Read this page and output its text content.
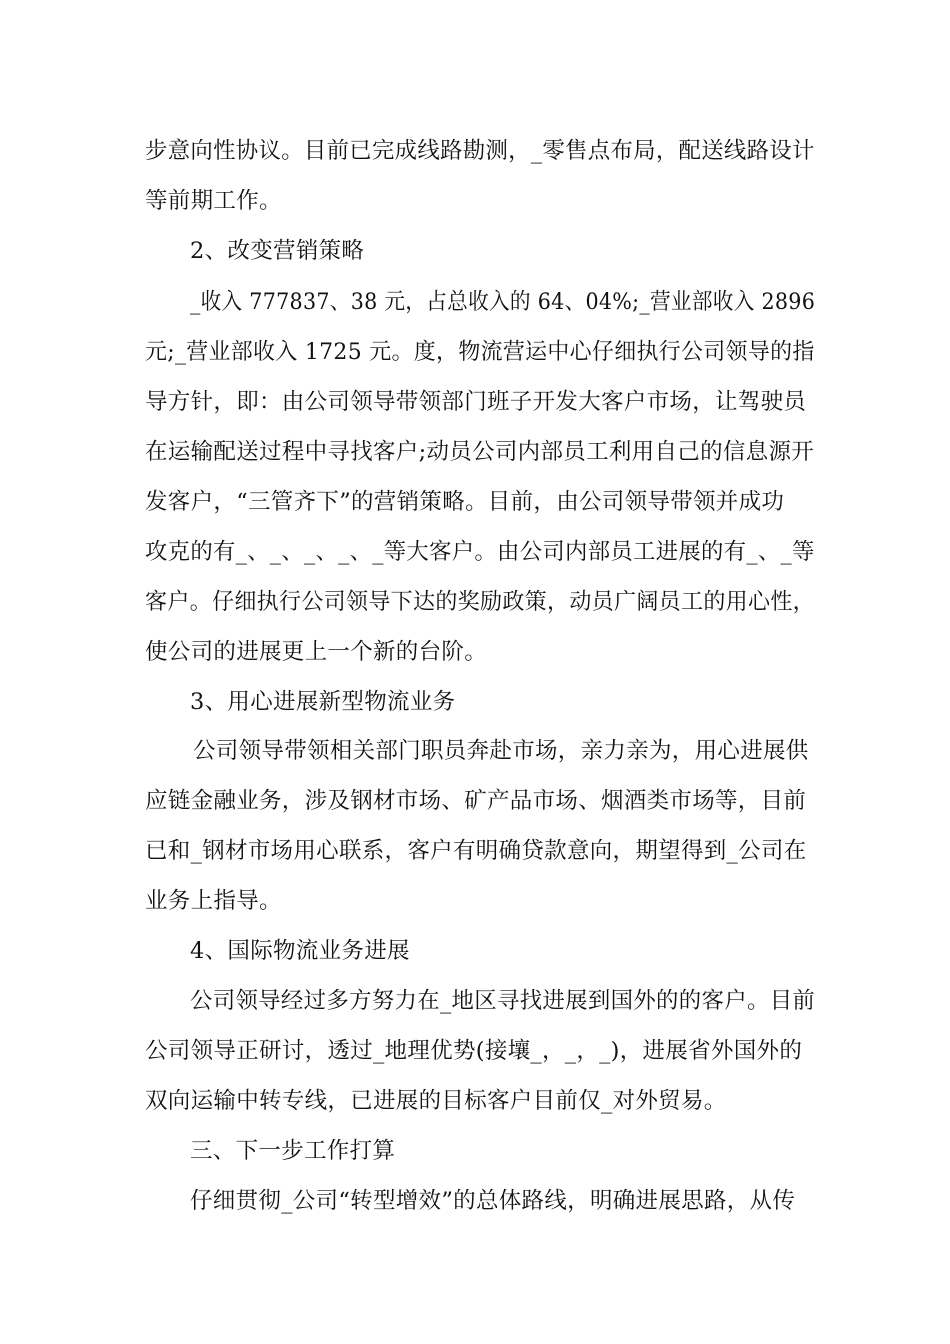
步意向性协议。目前已完成线路勘测，_零售点布局，配送线路设计
等前期工作。
2、改变营销策略
_收入 777837、38 元，占总收入的 64、04%;_营业部收入 2896
元;_营业部收入 1725 元。度，物流营运中心仔细执行公司领导的指
导方针，即：由公司领导带领部门班子开发大客户市场，让驾驶员
在运输配送过程中寻找客户;动员公司内部员工利用自己的信息源开
发客户，“三管齐下”的营销策略。目前，由公司领导带领并成功
攻克的有_、_、_、_、_等大客户。由公司内部员工进展的有_、_等
客户。仔细执行公司领导下达的奖励政策，动员广阔员工的用心性，
使公司的进展更上一个新的台阶。
3、用心进展新型物流业务
公司领导带领相关部门职员奔赴市场，亲力亲为，用心进展供
应链金融业务，涉及钢材市场、矿产品市场、烟酒类市场等，目前
已和_钢材市场用心联系，客户有明确贷款意向，期望得到_公司在
业务上指导。
4、国际物流业务进展
公司领导经过多方努力在_地区寻找进展到国外的的客户。目前
公司领导正研讨，透过_地理优势(接壤_，_，_)，进展省外国外的
双向运输中转专线，已进展的目标客户目前仅_对外贸易。
三、下一步工作打算
仔细贯彻_公司“转型增效”的总体路线，明确进展思路，从传
